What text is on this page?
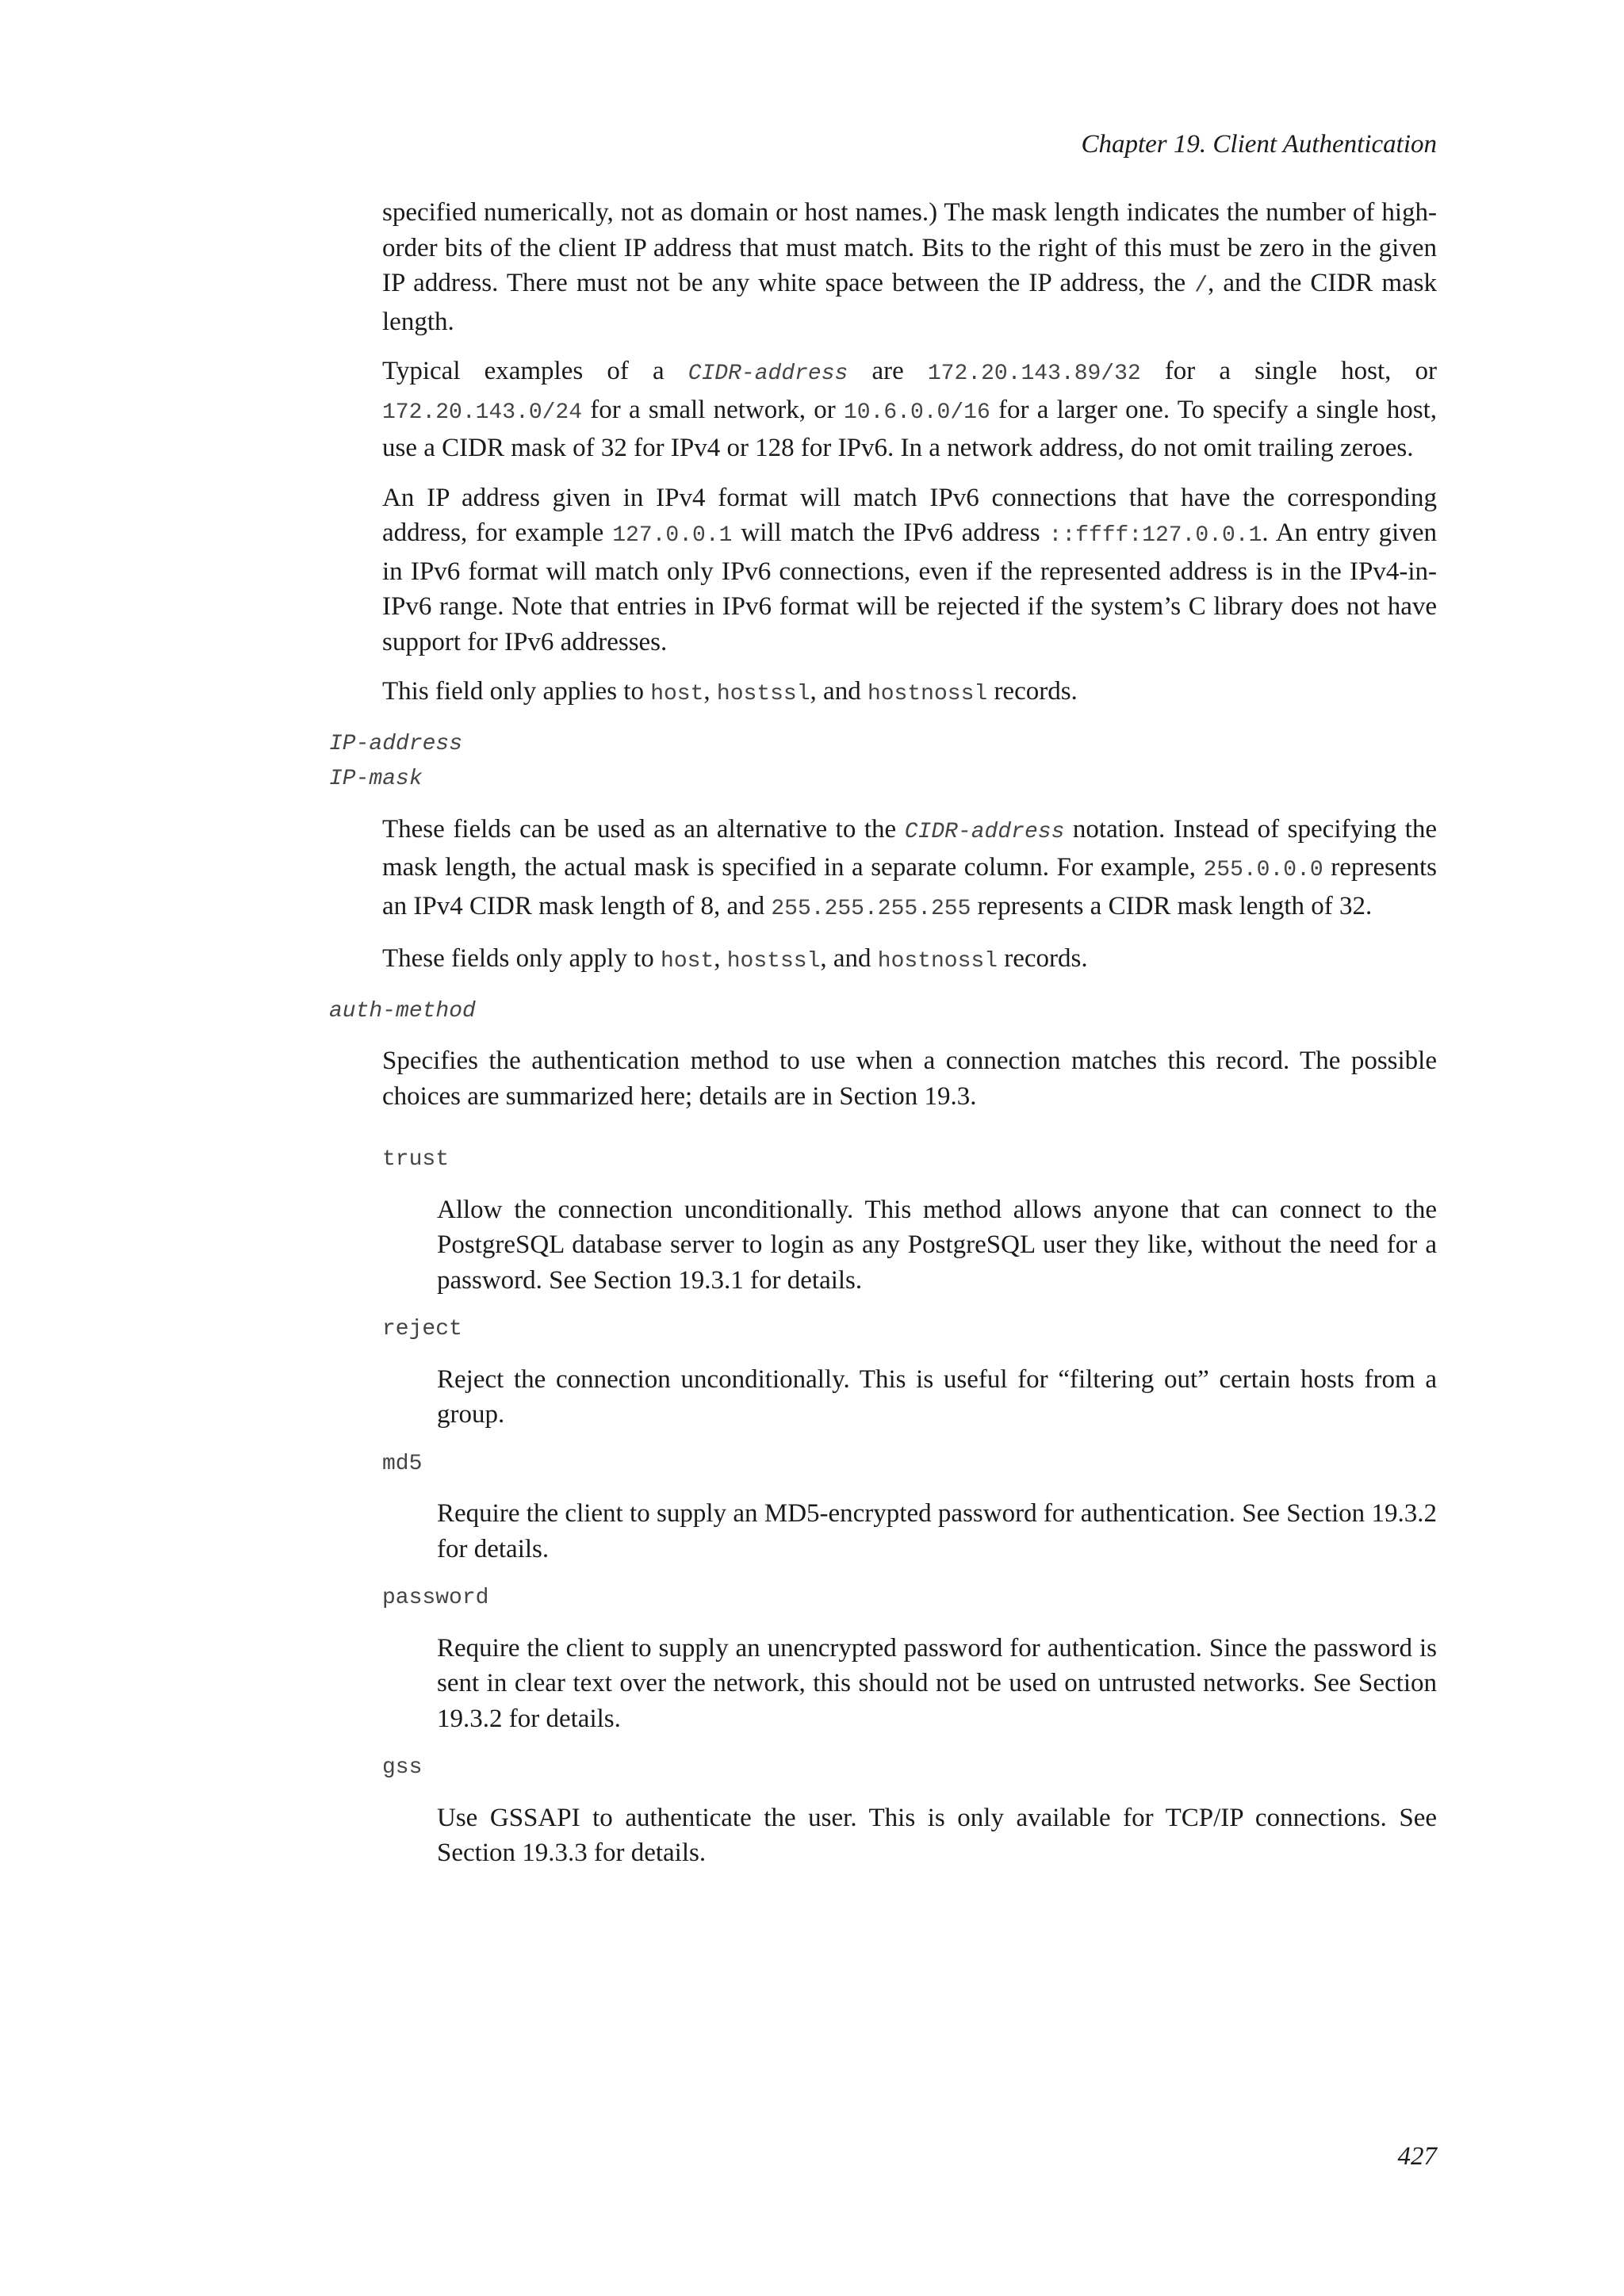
Chapter 19. Client Authentication

specified numerically, not as domain or host names.) The mask length indicates the number of high-order bits of the client IP address that must match. Bits to the right of this must be zero in the given IP address. There must not be any white space between the IP address, the /, and the CIDR mask length.

Typical examples of a CIDR-address are 172.20.143.89/32 for a single host, or 172.20.143.0/24 for a small network, or 10.6.0.0/16 for a larger one. To specify a single host, use a CIDR mask of 32 for IPv4 or 128 for IPv6. In a network address, do not omit trailing zeroes.

An IP address given in IPv4 format will match IPv6 connections that have the corresponding address, for example 127.0.0.1 will match the IPv6 address ::ffff:127.0.0.1. An entry given in IPv6 format will match only IPv6 connections, even if the represented address is in the IPv4-in-IPv6 range. Note that entries in IPv6 format will be rejected if the system’s C library does not have support for IPv6 addresses.

This field only applies to host, hostssl, and hostnossl records.

IP-address
IP-mask

These fields can be used as an alternative to the CIDR-address notation. Instead of specifying the mask length, the actual mask is specified in a separate column. For example, 255.0.0.0 represents an IPv4 CIDR mask length of 8, and 255.255.255.255 represents a CIDR mask length of 32.

These fields only apply to host, hostssl, and hostnossl records.

auth-method

Specifies the authentication method to use when a connection matches this record. The possible choices are summarized here; details are in Section 19.3.

trust

Allow the connection unconditionally. This method allows anyone that can connect to the PostgreSQL database server to login as any PostgreSQL user they like, without the need for a password. See Section 19.3.1 for details.

reject

Reject the connection unconditionally. This is useful for “filtering out” certain hosts from a group.

md5

Require the client to supply an MD5-encrypted password for authentication. See Section 19.3.2 for details.

password

Require the client to supply an unencrypted password for authentication. Since the password is sent in clear text over the network, this should not be used on untrusted networks. See Section 19.3.2 for details.

gss

Use GSSAPI to authenticate the user. This is only available for TCP/IP connections. See Section 19.3.3 for details.

427
